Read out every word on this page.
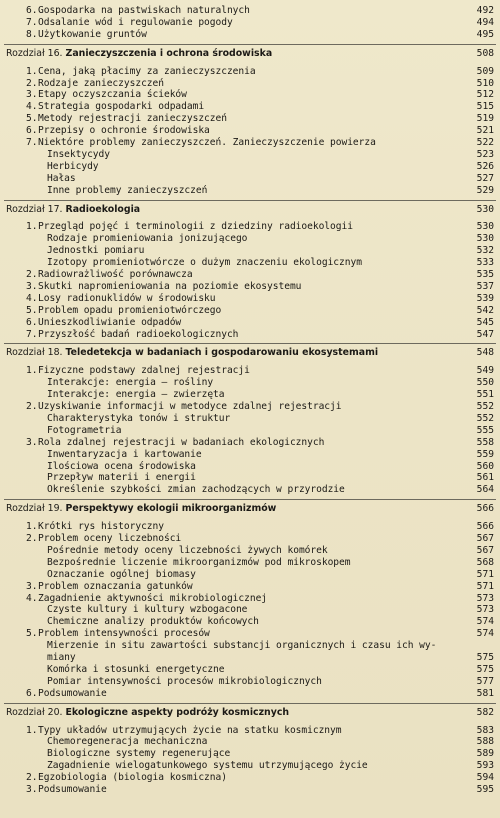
6. Gospodarka na pastwiskach naturalnych	492
7. Odsalanie wód i regulowanie pogody	494
8. Użytkowanie gruntów	495
Rozdział 16. Zanieczyszczenia i ochrona środowiska	508
1. Cena, jaką płacimy za zanieczyszczenia	509
2. Rodzaje zanieczyszczeń	510
3. Etapy oczyszczania ścieków	512
4. Strategia gospodarki odpadami	515
5. Metody rejestracji zanieczyszczeń	519
6. Przepisy o ochronie środowiska	521
7. Niektóre problemy zanieczyszczeń. Zanieczyszczenie powierza	522
Insektycydy	523
Herbicydy	526
Hałas	527
Inne problemy zanieczyszczeń	529
Rozdział 17. Radioekologia	530
1. Przegląd pojęć i terminologii z dziedziny radioekologii	530
Rodzaje promieniowania jonizującego	530
Jednostki pomiaru	532
Izotopy promieniotwórcze o dużym znaczeniu ekologicznym	533
2. Radiowrażliwość porównawcza	535
3. Skutki napromieniowania na poziomie ekosystemu	537
4. Losy radionuklidów w środowisku	539
5. Problem opadu promieniotwórczego	542
6. Unieszkodliwianie odpadów	545
7. Przyszłość badań radioekologicznych	547
Rozdział 18. Teledetekcja w badaniach i gospodarowaniu ekosystemami	548
1. Fizyczne podstawy zdalnej rejestracji	549
Interakcje: energia — rośliny	550
Interakcje: energia — zwierzęta	551
2. Uzyskiwanie informacji w metodyce zdalnej rejestracji	552
Charakterystyka tonów i struktur	552
Fotogrametria	555
3. Rola zdalnej rejestracji w badaniach ekologicznych	558
Inwentaryzacja i kartowanie	559
Ilościowa ocena środowiska	560
Przepływ materii i energii	561
Określenie szybkości zmian zachodzących w przyrodzie	564
Rozdział 19. Perspektywy ekologii mikroorganizmów	566
1. Krótki rys historyczny	566
2. Problem oceny liczebności	567
Pośrednie metody oceny liczebności żywych komórek	567
Bezpośrednie liczenie mikroorganizmów pod mikroskopem	568
Oznaczanie ogólnej biomasy	571
3. Problem oznaczania gatunków	571
4. Zagadnienie aktywności mikrobiologicznej	573
Czyste kultury i kultury wzbogacone	573
Chemiczne analizy produktów końcowych	574
5. Problem intensywności procesów	574
Mierzenie in situ zawartości substancji organicznych i czasu ich wy-
miany	575
Komórka i stosunki energetyczne	575
Pomiar intensywności procesów mikrobiologicznych	577
6. Podsumowanie	581
Rozdział 20. Ekologiczne aspekty podróży kosmicznych	582
1. Typy układów utrzymujących życie na statku kosmicznym	583
Chemoregeneracja mechaniczna	588
Biologiczne systemy regenerujące	589
Zagadnienie wielogatunkowego systemu utrzymującego życie	593
2. Egzobiologia (biologia kosmiczna)	594
3. Podsumowanie	595
